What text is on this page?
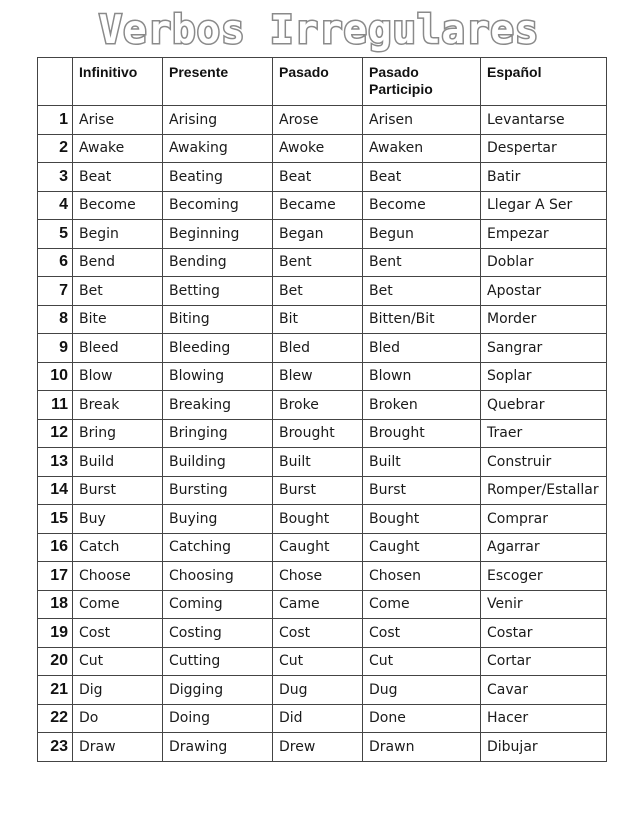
Verbos Irregulares
	Infinitivo	Presente	Pasado	Pasado Participio	Español
1	Arise	Arising	Arose	Arisen	Levantarse
2	Awake	Awaking	Awoke	Awaken	Despertar
3	Beat	Beating	Beat	Beat	Batir
4	Become	Becoming	Became	Become	Llegar A Ser
5	Begin	Beginning	Began	Begun	Empezar
6	Bend	Bending	Bent	Bent	Doblar
7	Bet	Betting	Bet	Bet	Apostar
8	Bite	Biting	Bit	Bitten/Bit	Morder
9	Bleed	Bleeding	Bled	Bled	Sangrar
10	Blow	Blowing	Blew	Blown	Soplar
11	Break	Breaking	Broke	Broken	Quebrar
12	Bring	Bringing	Brought	Brought	Traer
13	Build	Building	Built	Built	Construir
14	Burst	Bursting	Burst	Burst	Romper/Estallar
15	Buy	Buying	Bought	Bought	Comprar
16	Catch	Catching	Caught	Caught	Agarrar
17	Choose	Choosing	Chose	Chosen	Escoger
18	Come	Coming	Came	Come	Venir
19	Cost	Costing	Cost	Cost	Costar
20	Cut	Cutting	Cut	Cut	Cortar
21	Dig	Digging	Dug	Dug	Cavar
22	Do	Doing	Did	Done	Hacer
23	Draw	Drawing	Drew	Drawn	Dibujar
